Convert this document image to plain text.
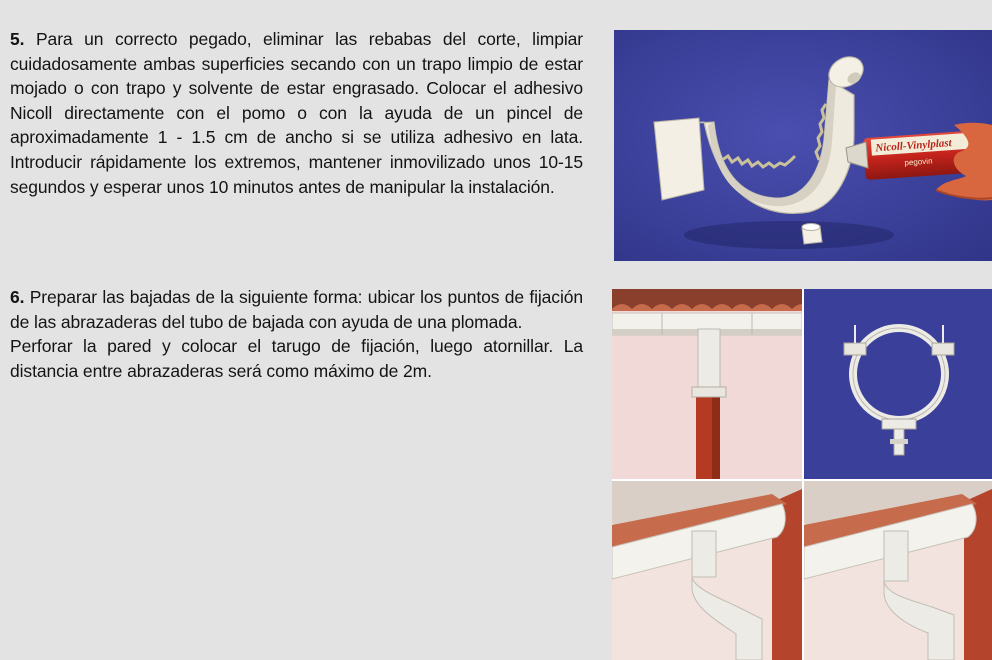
5. Para un correcto pegado, eliminar las rebabas del corte, limpiar cuidadosamente ambas superficies secando con un trapo limpio de estar mojado o con trapo y solvente de estar engrasado. Colocar el adhesivo Nicoll directamente con el pomo o con la ayuda de un pincel de aproximadamente 1 - 1.5 cm de ancho si se utiliza adhesivo en lata. Introducir rápidamente los extremos, mantener inmovilizado unos 10-15 segundos y esperar unos 10 minutos antes de manipular la instalación.

6. Preparar las bajadas de la siguiente forma: ubicar los puntos de fijación de las abrazaderas del tubo de bajada con ayuda de una plomada.

Perforar la pared y colocar el tarugo de fijación, luego atornillar. La distancia entre abrazaderas será como máximo de 2m.

Nicoll-Vinylplast
pegovin
